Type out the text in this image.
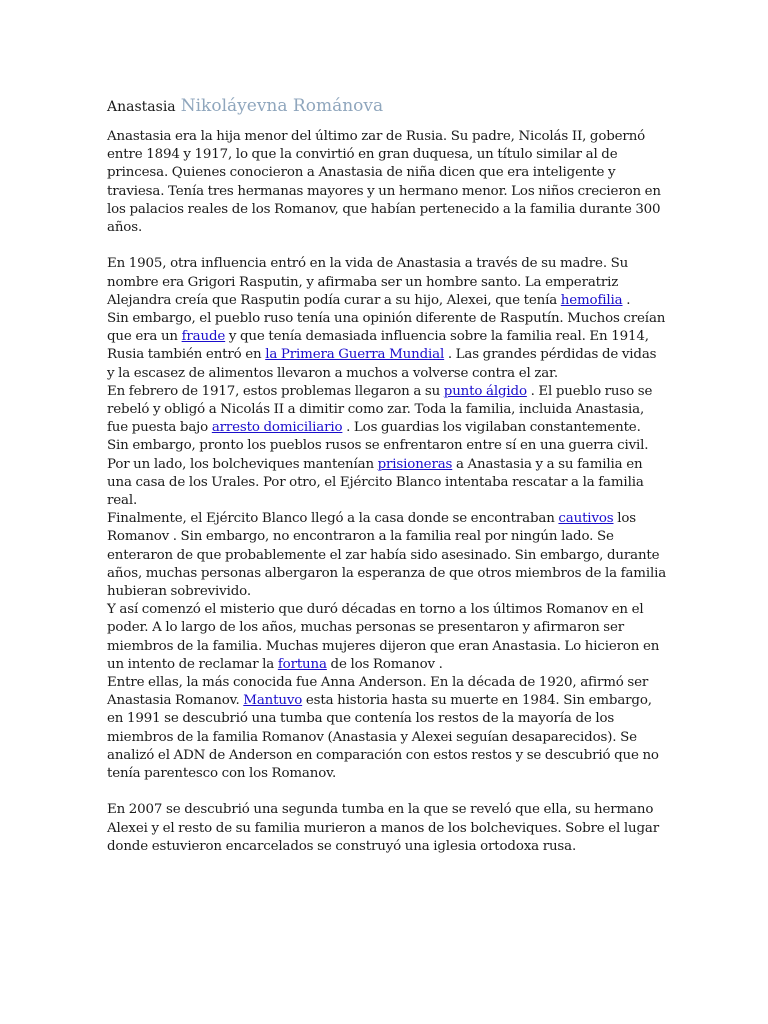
Anastasia Nikoláyevna Románova

Anastasia era la hija menor del último zar de Rusia. Su padre, Nicolás II, gobernó entre 1894 y 1917, lo que la convirtió en gran duquesa, un título similar al de princesa. Quienes conocieron a Anastasia de niña dicen que era inteligente y traviesa. Tenía tres hermanas mayores y un hermano menor. Los niños crecieron en los palacios reales de los Romanov, que habían pertenecido a la familia durante 300 años.

En 1905, otra influencia entró en la vida de Anastasia a través de su madre. Su nombre era Grigori Rasputin, y afirmaba ser un hombre santo. La emperatriz Alejandra creía que Rasputin podía curar a su hijo, Alexei, que tenía hemofilia .

Sin embargo, el pueblo ruso tenía una opinión diferente de Rasputín. Muchos creían que era un fraude y que tenía demasiada influencia sobre la familia real. En 1914, Rusia también entró en la Primera Guerra Mundial . Las grandes pérdidas de vidas y la escasez de alimentos llevaron a muchos a volverse contra el zar.

En febrero de 1917, estos problemas llegaron a su punto álgido . El pueblo ruso se rebeló y obligó a Nicolás II a dimitir como zar. Toda la familia, incluida Anastasia, fue puesta bajo arresto domiciliario . Los guardias los vigilaban constantemente.

Sin embargo, pronto los pueblos rusos se enfrentaron entre sí en una guerra civil. Por un lado, los bolcheviques mantenían prisioneras a Anastasia y a su familia en una casa de los Urales. Por otro, el Ejército Blanco intentaba rescatar a la familia real.

Finalmente, el Ejército Blanco llegó a la casa donde se encontraban cautivos los Romanov . Sin embargo, no encontraron a la familia real por ningún lado. Se enteraron de que probablemente el zar había sido asesinado. Sin embargo, durante años, muchas personas albergaron la esperanza de que otros miembros de la familia hubieran sobrevivido.

Y así comenzó el misterio que duró décadas en torno a los últimos Romanov en el poder. A lo largo de los años, muchas personas se presentaron y afirmaron ser miembros de la familia. Muchas mujeres dijeron que eran Anastasia. Lo hicieron en un intento de reclamar la fortuna de los Romanov .

Entre ellas, la más conocida fue Anna Anderson. En la década de 1920, afirmó ser Anastasia Romanov. Mantuvo esta historia hasta su muerte en 1984. Sin embargo, en 1991 se descubrió una tumba que contenía los restos de la mayoría de los miembros de la familia Romanov (Anastasia y Alexei seguían desaparecidos). Se analizó el ADN de Anderson en comparación con estos restos y se descubrió que no tenía parentesco con los Romanov.

En 2007 se descubrió una segunda tumba en la que se reveló que ella, su hermano Alexei y el resto de su familia murieron a manos de los bolcheviques. Sobre el lugar donde estuvieron encarcelados se construyó una iglesia ortodoxa rusa.
